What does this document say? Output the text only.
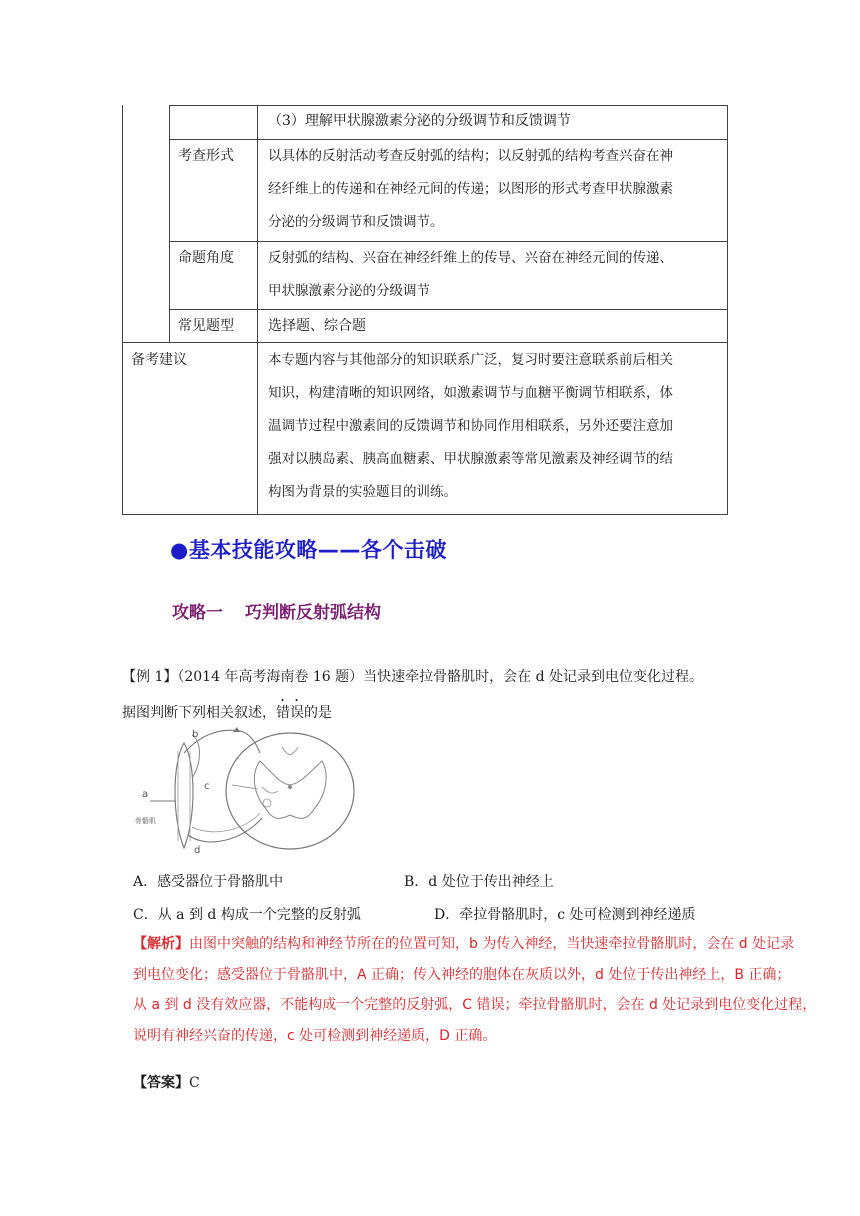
（3）理解甲状腺激素分泌的分级调节和反馈调节
考查形式	以具体的反射活动考查反射弧的结构；以反射弧的结构考查兴奋在神
经纤维上的传递和在神经元间的传递；以图形的形式考查甲状腺激素
分泌的分级调节和反馈调节。
命题角度	反射弧的结构、兴奋在神经纤维上的传导、兴奋在神经元间的传递、
甲状腺激素分泌的分级调节
常见题型 选择题、综合题
备考建议	本专题内容与其他部分的知识联系广泛，复习时要注意联系前后相关
知识，构建清晰的知识网络，如激素调节与血糖平衡调节相联系，体
温调节过程中激素间的反馈调节和协同作用相联系，另外还要注意加
强对以胰岛素、胰高血糖素、甲状腺激素等常见激素及神经调节的结
构图为背景的实验题目的训练。
●基本技能攻略——各个击破
攻略一 巧判断反射弧结构
【例 1】（2014 年高考海南卷 16 题）当快速牵拉骨骼肌时，会在 d 处记录到电位变化过程。
据图判断下列相关叙述，错误的是
b
a
骨骼肌
c
d
A．感受器位于骨骼肌中	B．d 处位于传出神经上
C．从 a 到 d 构成一个完整的反射弧	D．牵拉骨骼肌时，c 处可检测到神经递质
【解析】由图中突触的结构和神经节所在的位置可知，b 为传入神经，当快速牵拉骨骼肌时，会在 d 处记录
到电位变化；感受器位于骨骼肌中，A 正确；传入神经的胞体在灰质以外，d 处位于传出神经上，B 正确；
从 a 到 d 没有效应器，不能构成一个完整的反射弧，C 错误；牵拉骨骼肌时，会在 d 处记录到电位变化过程，
说明有神经兴奋的传递，c 处可检测到神经递质，D 正确。
【答案】C
